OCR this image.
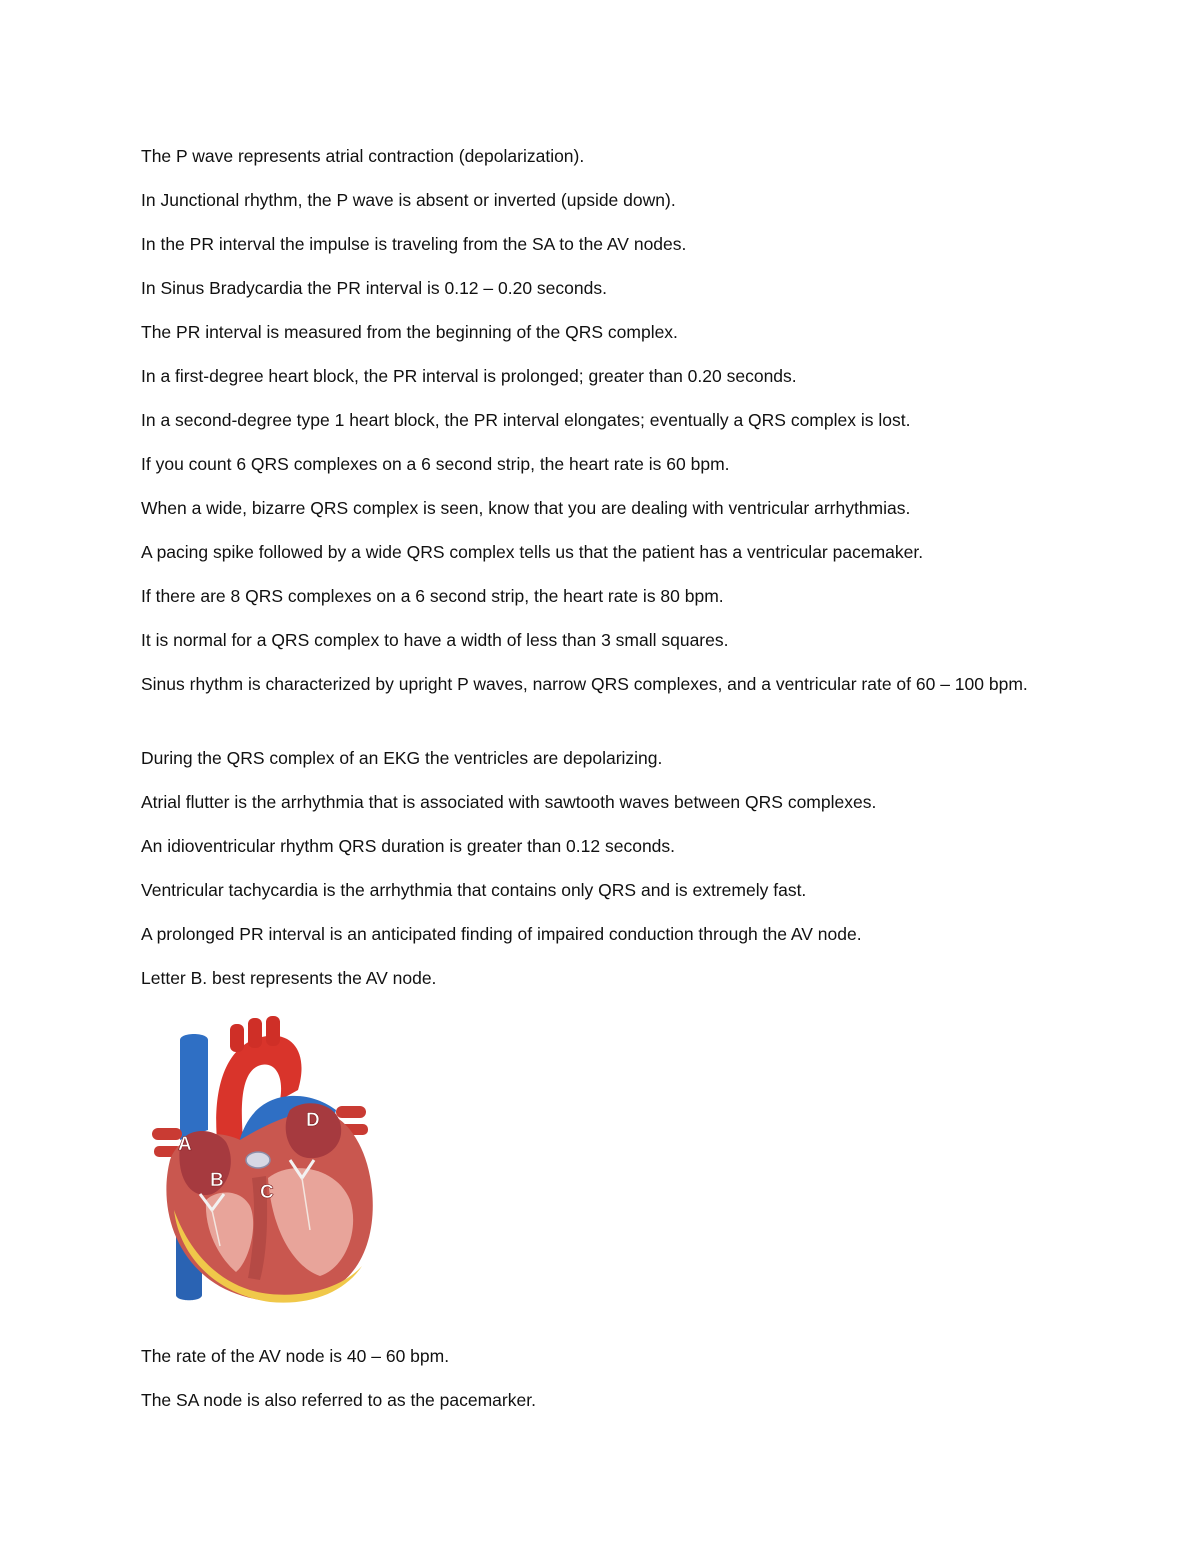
The P wave represents atrial contraction (depolarization).

In Junctional rhythm, the P wave is absent or inverted (upside down).

In the PR interval the impulse is traveling from the SA to the AV nodes.

In Sinus Bradycardia the PR interval is 0.12 – 0.20 seconds.

The PR interval is measured from the beginning of the QRS complex.

In a first-degree heart block, the PR interval is prolonged; greater than 0.20 seconds.

In a second-degree type 1 heart block, the PR interval elongates; eventually a QRS complex is lost.

If you count 6 QRS complexes on a 6 second strip, the heart rate is 60 bpm.

When a wide, bizarre QRS complex is seen, know that you are dealing with ventricular arrhythmias.

A pacing spike followed by a wide QRS complex tells us that the patient has a ventricular pacemaker.

If there are 8 QRS complexes on a 6 second strip, the heart rate is 80 bpm.

It is normal for a QRS complex to have a width of less than 3 small squares.

Sinus rhythm is characterized by upright P waves, narrow QRS complexes, and a ventricular rate of 60 – 100 bpm.

During the QRS complex of an EKG the ventricles are depolarizing.

Atrial flutter is the arrhythmia that is associated with sawtooth waves between QRS complexes.

An idioventricular rhythm QRS duration is greater than 0.12 seconds.

Ventricular tachycardia is the arrhythmia that contains only QRS and is extremely fast.

A prolonged PR interval is an anticipated finding of impaired conduction through the AV node.

Letter B. best represents the AV node.

A
B
C
D

The rate of the AV node is 40 – 60 bpm.

The SA node is also referred to as the pacemarker.
